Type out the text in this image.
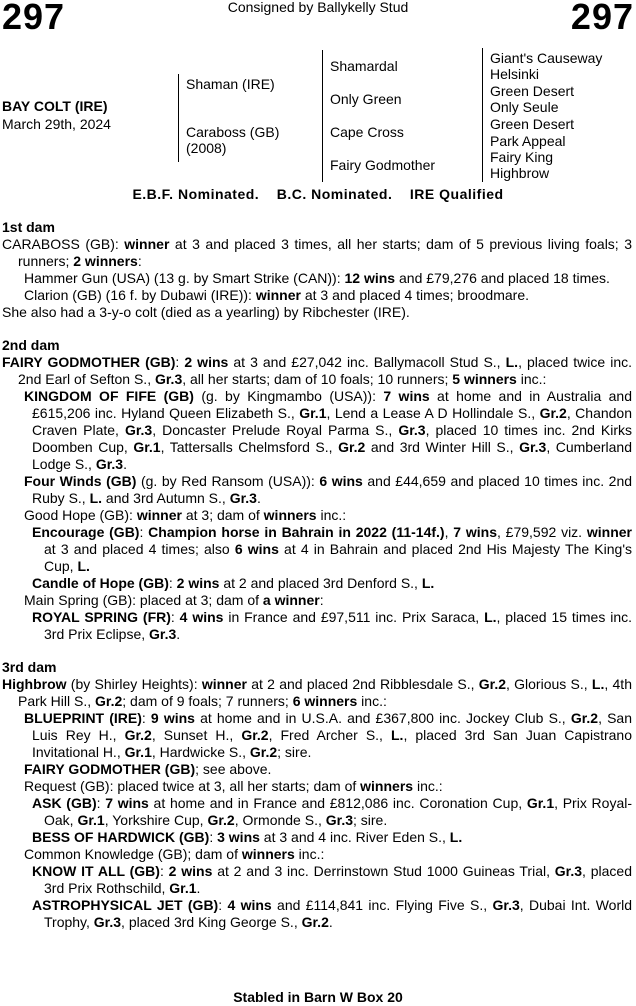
297	Consigned by Ballykelly Stud	297
BAY COLT (IRE)
March 29th, 2024
Shaman (IRE)
Caraboss (GB)
(2008)
Shamardal
Only Green
Cape Cross
Fairy Godmother
Giant's Causeway
Helsinki
Green Desert
Only Seule
Green Desert
Park Appeal
Fairy King
Highbrow
E.B.F. Nominated.    B.C. Nominated.    IRE Qualified
1st dam
CARABOSS (GB): winner at 3 and placed 3 times, all her starts; dam of 5 previous living foals; 3 runners; 2 winners:
Hammer Gun (USA) (13 g. by Smart Strike (CAN)): 12 wins and £79,276 and placed 18 times.
Clarion (GB) (16 f. by Dubawi (IRE)): winner at 3 and placed 4 times; broodmare.
She also had a 3-y-o colt (died as a yearling) by Ribchester (IRE).
2nd dam
FAIRY GODMOTHER (GB): 2 wins at 3 and £27,042 inc. Ballymacoll Stud S., L., placed twice inc. 2nd Earl of Sefton S., Gr.3, all her starts; dam of 10 foals; 10 runners; 5 winners inc.:
KINGDOM OF FIFE (GB) (g. by Kingmambo (USA)): 7 wins at home and in Australia and £615,206 inc. Hyland Queen Elizabeth S., Gr.1, Lend a Lease A D Hollindale S., Gr.2, Chandon Craven Plate, Gr.3, Doncaster Prelude Royal Parma S., Gr.3, placed 10 times inc. 2nd Kirks Doomben Cup, Gr.1, Tattersalls Chelmsford S., Gr.2 and 3rd Winter Hill S., Gr.3, Cumberland Lodge S., Gr.3.
Four Winds (GB) (g. by Red Ransom (USA)): 6 wins and £44,659 and placed 10 times inc. 2nd Ruby S., L. and 3rd Autumn S., Gr.3.
Good Hope (GB): winner at 3; dam of winners inc.:
Encourage (GB): Champion horse in Bahrain in 2022 (11-14f.), 7 wins, £79,592 viz. winner at 3 and placed 4 times; also 6 wins at 4 in Bahrain and placed 2nd His Majesty The King's Cup, L.
Candle of Hope (GB): 2 wins at 2 and placed 3rd Denford S., L.
Main Spring (GB): placed at 3; dam of a winner:
ROYAL SPRING (FR): 4 wins in France and £97,511 inc. Prix Saraca, L., placed 15 times inc. 3rd Prix Eclipse, Gr.3.
3rd dam
Highbrow (by Shirley Heights): winner at 2 and placed 2nd Ribblesdale S., Gr.2, Glorious S., L., 4th Park Hill S., Gr.2; dam of 9 foals; 7 runners; 6 winners inc.:
BLUEPRINT (IRE): 9 wins at home and in U.S.A. and £367,800 inc. Jockey Club S., Gr.2, San Luis Rey H., Gr.2, Sunset H., Gr.2, Fred Archer S., L., placed 3rd San Juan Capistrano Invitational H., Gr.1, Hardwicke S., Gr.2; sire.
FAIRY GODMOTHER (GB); see above.
Request (GB): placed twice at 3, all her starts; dam of winners inc.:
ASK (GB): 7 wins at home and in France and £812,086 inc. Coronation Cup, Gr.1, Prix Royal-Oak, Gr.1, Yorkshire Cup, Gr.2, Ormonde S., Gr.3; sire.
BESS OF HARDWICK (GB): 3 wins at 3 and 4 inc. River Eden S., L.
Common Knowledge (GB); dam of winners inc.:
KNOW IT ALL (GB): 2 wins at 2 and 3 inc. Derrinstown Stud 1000 Guineas Trial, Gr.3, placed 3rd Prix Rothschild, Gr.1.
ASTROPHYSICAL JET (GB): 4 wins and £114,841 inc. Flying Five S., Gr.3, Dubai Int. World Trophy, Gr.3, placed 3rd King George S., Gr.2.
Stabled in Barn W Box 20
